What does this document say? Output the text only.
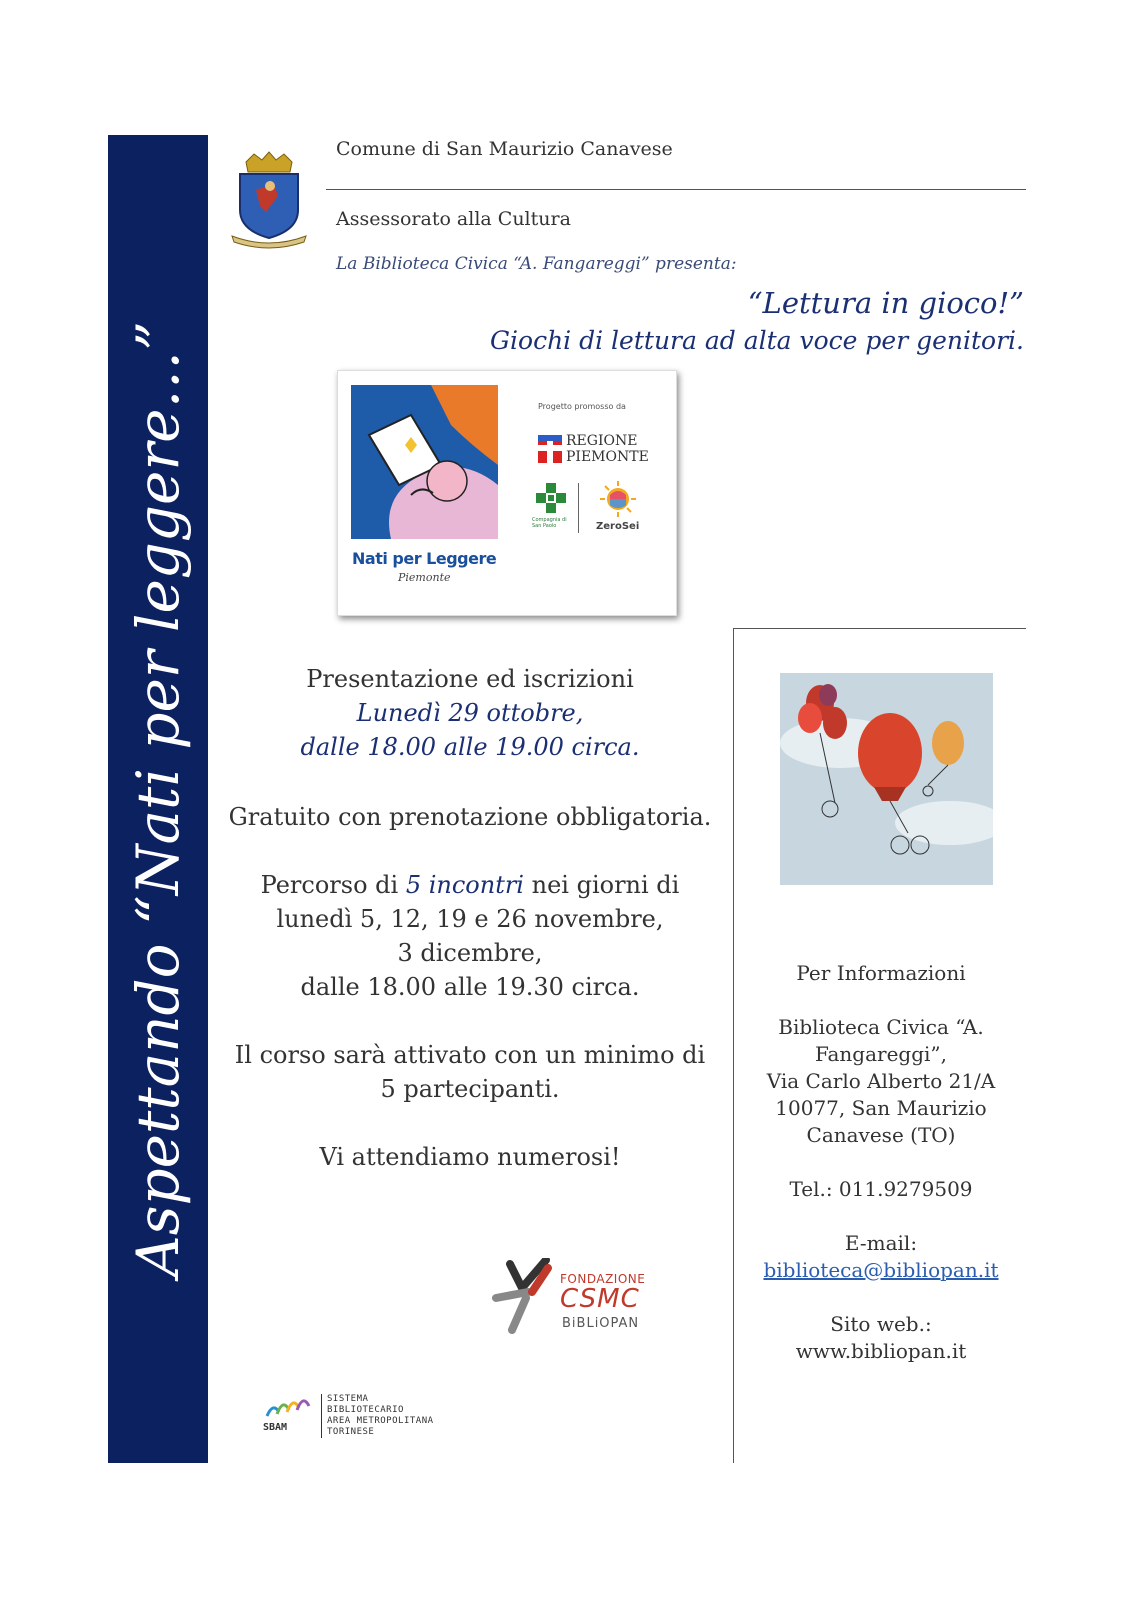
Aspettando “Nati per leggere…”
Comune di San Maurizio Canavese
Assessorato alla Cultura
La Biblioteca Civica “A. Fangareggi” presenta:
“Lettura in gioco!”
Giochi di lettura ad alta voce per genitori.
Nati per Leggere
Piemonte
Progetto promosso da
REGIONE
PIEMONTE
Compagnia di San Paolo	ZeroSei
Presentazione ed iscrizioni
Lunedì 29 ottobre,
dalle 18.00 alle 19.00 circa.
Gratuito con prenotazione obbligatoria.
Percorso di 5 incontri nei giorni di
lunedì 5, 12, 19 e 26 novembre,
3 dicembre,
dalle 18.00 alle 19.30 circa.
Il corso sarà attivato con un minimo di
5 partecipanti.
Vi attendiamo numerosi!
Per Informazioni
Biblioteca Civica “A.
Fangareggi”,
Via Carlo Alberto 21/A
10077, San Maurizio
Canavese (TO)
Tel.: 011.9279509
E-mail:
biblioteca@bibliopan.it
Sito web.:
www.bibliopan.it
FONDAZIONE
CSMC
BiBLiOPAN
SBAM
SISTEMA
BIBLIOTECARIO
AREA METROPOLITANA
TORINESE
